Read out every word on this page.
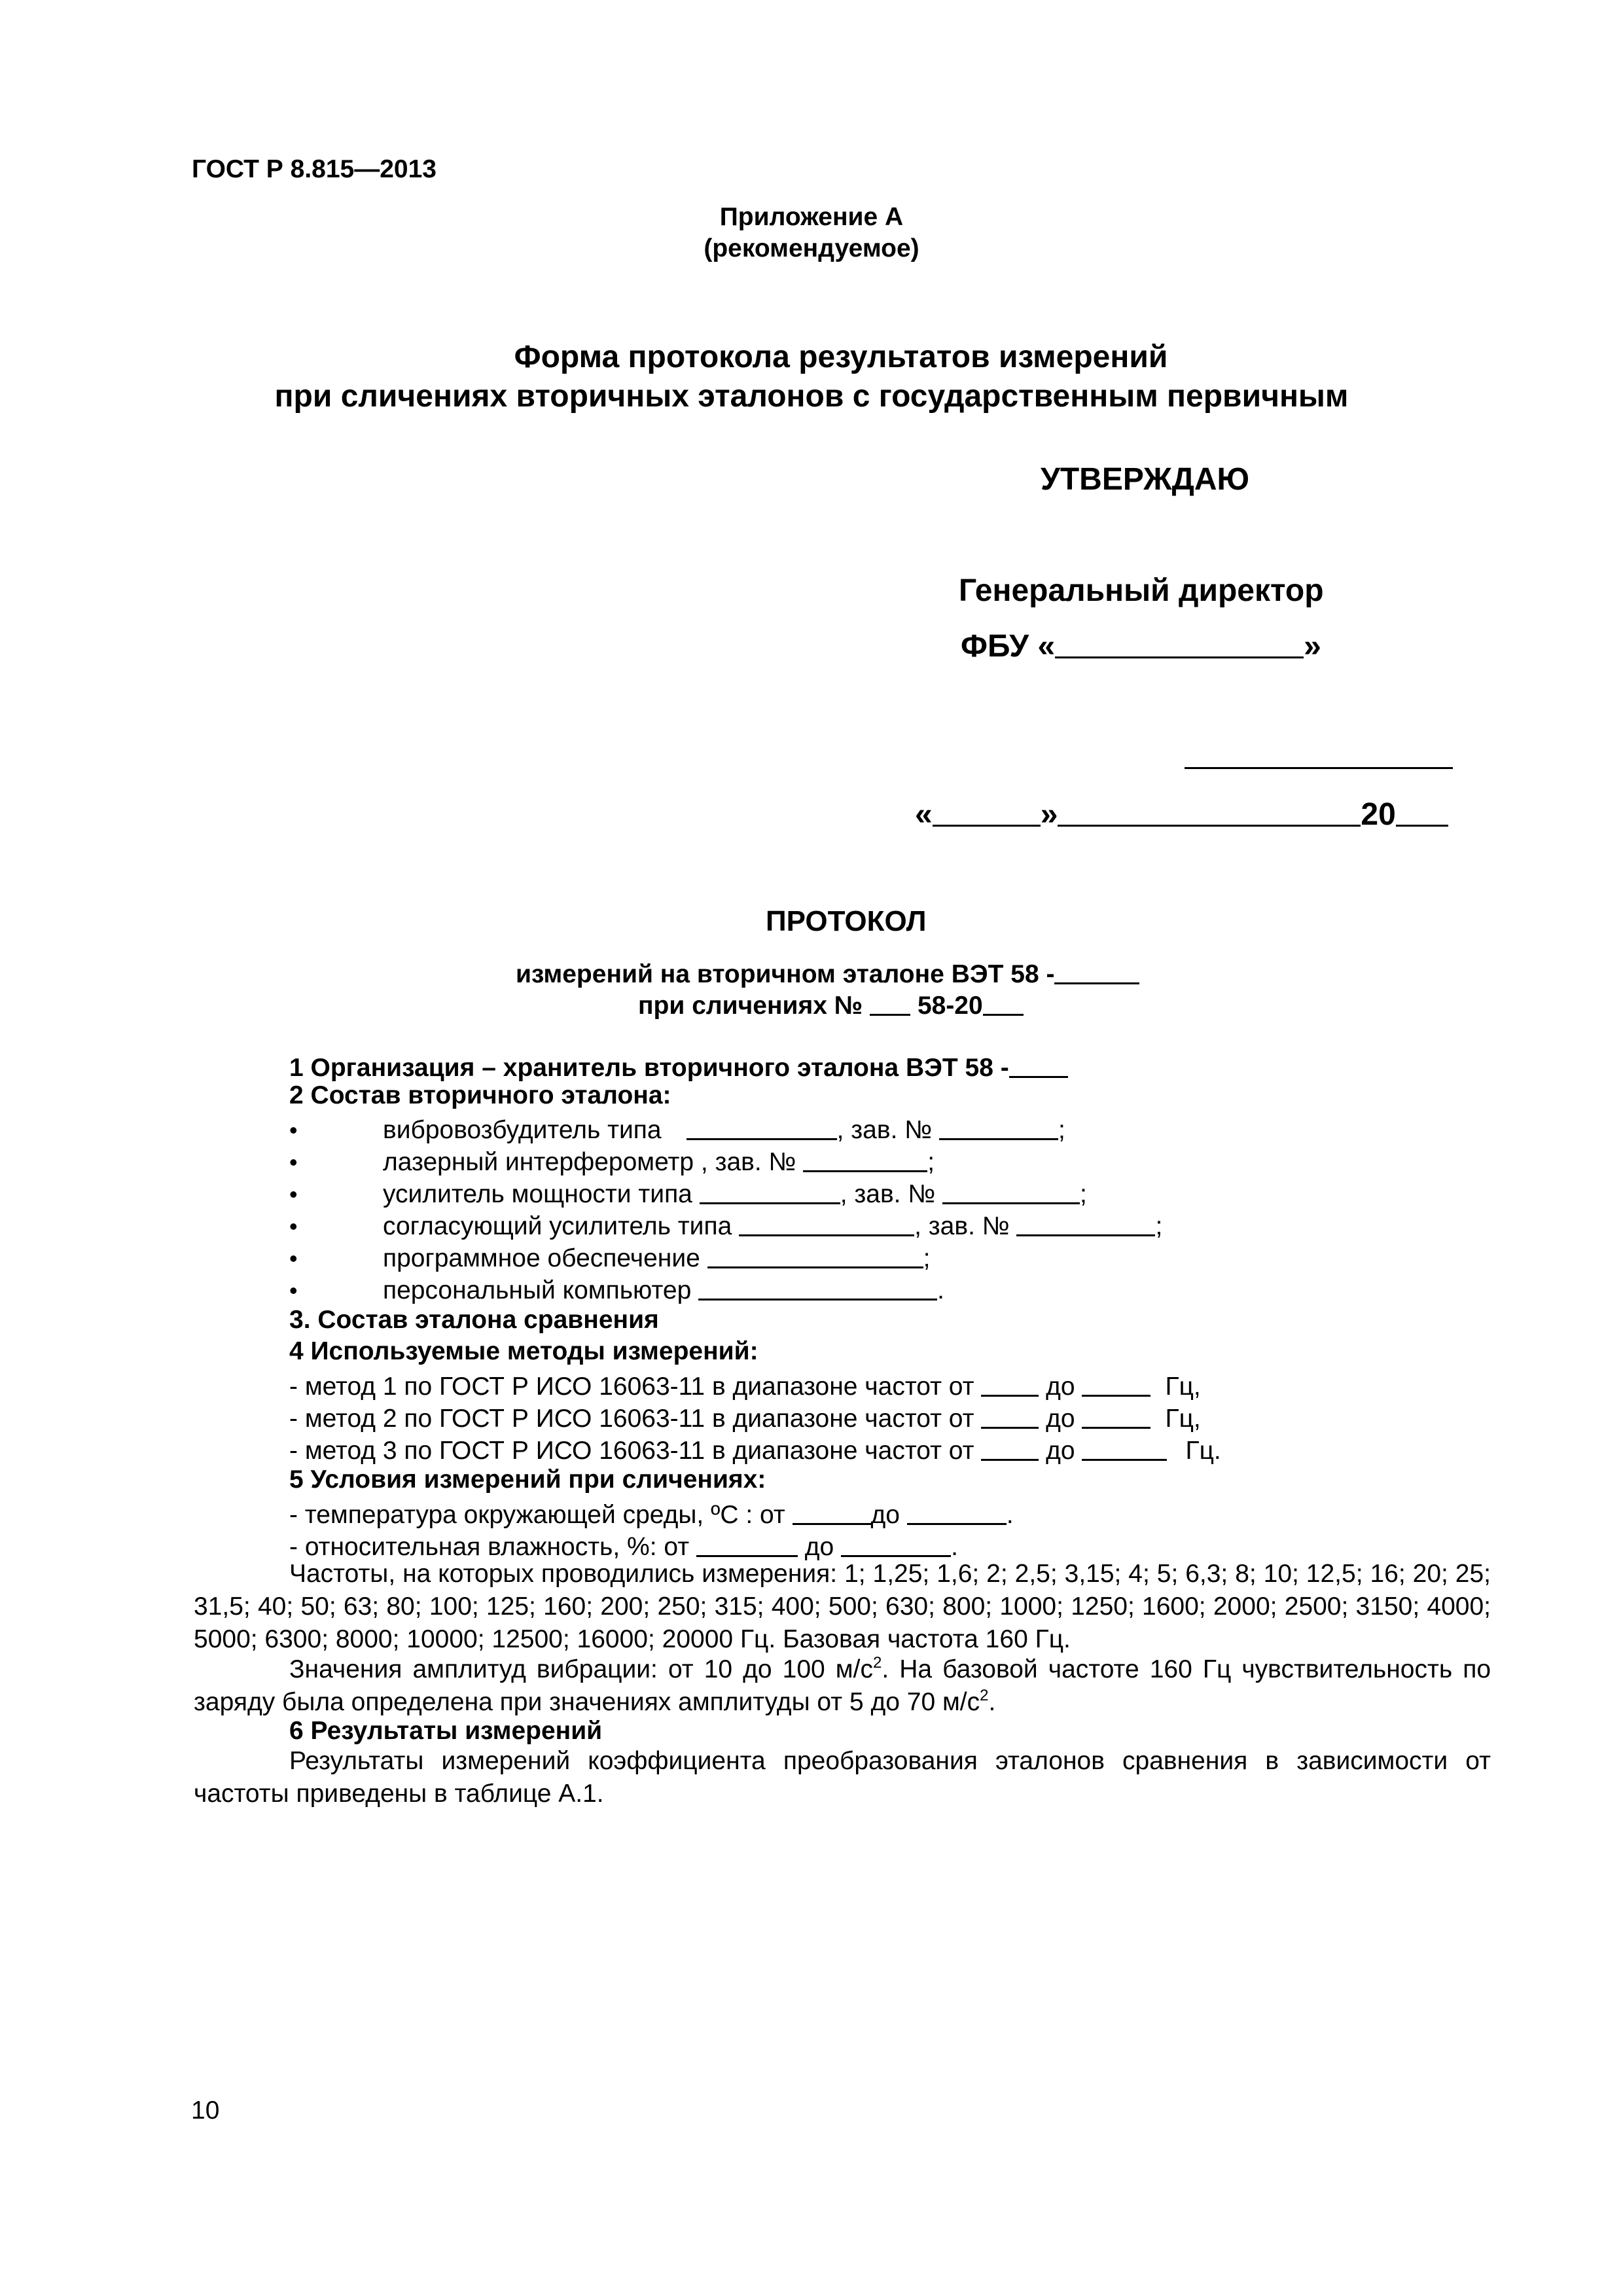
ГОСТ Р 8.815—2013
Приложение А
(рекомендуемое)
Форма протокола результатов измерений
при сличениях вторичных эталонов с государственным первичным
УТВЕРЖДАЮ
Генеральный директор
ФБУ «	»
«	»	20
ПРОТОКОЛ
измерений на вторичном эталоне ВЭТ 58 -
при сличениях № 58-20
1 Организация – хранитель вторичного эталона ВЭТ 58 -
2 Состав вторичного эталона:
•	вибровозбудитель типа	, зав. №	;
•	лазерный интерферометр , зав. №	;
•	усилитель мощности типа	, зав. №	;
•	согласующий усилитель типа	, зав. №	;
•	программное обеспечение	;
•	персональный компьютер	.
3. Состав эталона сравнения
4 Используемые методы измерений:
- метод 1 по ГОСТ Р ИСО 16063-11 в диапазоне частот от	до	Гц,
- метод 2 по ГОСТ Р ИСО 16063-11 в диапазоне частот от	до	Гц,
- метод 3 по ГОСТ Р ИСО 16063-11 в диапазоне частот от	до	Гц.
5 Условия измерений при сличениях:
- температура окружающей среды, ºС : от	до	.
- относительная влажность, %: от	до	.
Частоты, на которых проводились измерения: 1; 1,25; 1,6; 2; 2,5; 3,15; 4; 5; 6,3; 8; 10; 12,5; 16; 20; 25; 31,5; 40; 50; 63; 80; 100; 125; 160; 200; 250; 315; 400; 500; 630; 800; 1000; 1250; 1600; 2000; 2500; 3150; 4000; 5000; 6300; 8000; 10000; 12500; 16000; 20000 Гц. Базовая частота 160 Гц.
Значения амплитуд вибрации: от 10 до 100 $м/с^2$. На базовой частоте 160 Гц чувствительность по заряду была определена при значениях амплитуды от 5 до 70 $м/с^2$.
6 Результаты измерений
Результаты измерений коэффициента преобразования эталонов сравнения в зависимости от частоты приведены в таблице А.1.
10
